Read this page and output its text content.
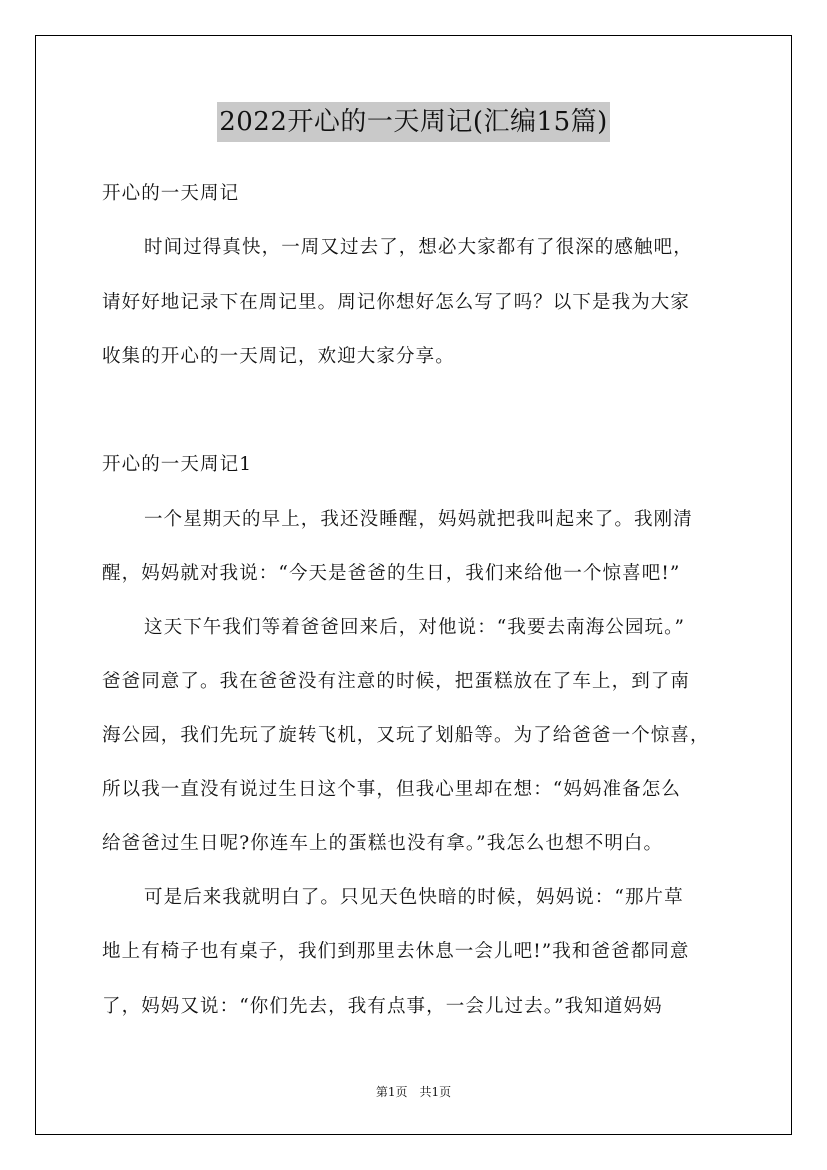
2022开心的一天周记(汇编15篇)
开心的一天周记
时间过得真快，一周又过去了，想必大家都有了很深的感触吧，
请好好地记录下在周记里。周记你想好怎么写了吗？以下是我为大家
收集的开心的一天周记，欢迎大家分享。
开心的一天周记1
一个星期天的早上，我还没睡醒，妈妈就把我叫起来了。我刚清
醒，妈妈就对我说：“今天是爸爸的生日，我们来给他一个惊喜吧!”
这天下午我们等着爸爸回来后，对他说：“我要去南海公园玩。”
爸爸同意了。我在爸爸没有注意的时候，把蛋糕放在了车上，到了南
海公园，我们先玩了旋转飞机，又玩了划船等。为了给爸爸一个惊喜，
所以我一直没有说过生日这个事，但我心里却在想：“妈妈准备怎么
给爸爸过生日呢?你连车上的蛋糕也没有拿。”我怎么也想不明白。
可是后来我就明白了。只见天色快暗的时候，妈妈说：“那片草
地上有椅子也有桌子，我们到那里去休息一会儿吧!”我和爸爸都同意
了，妈妈又说：“你们先去，我有点事，一会儿过去。”我知道妈妈
第1页　共1页
